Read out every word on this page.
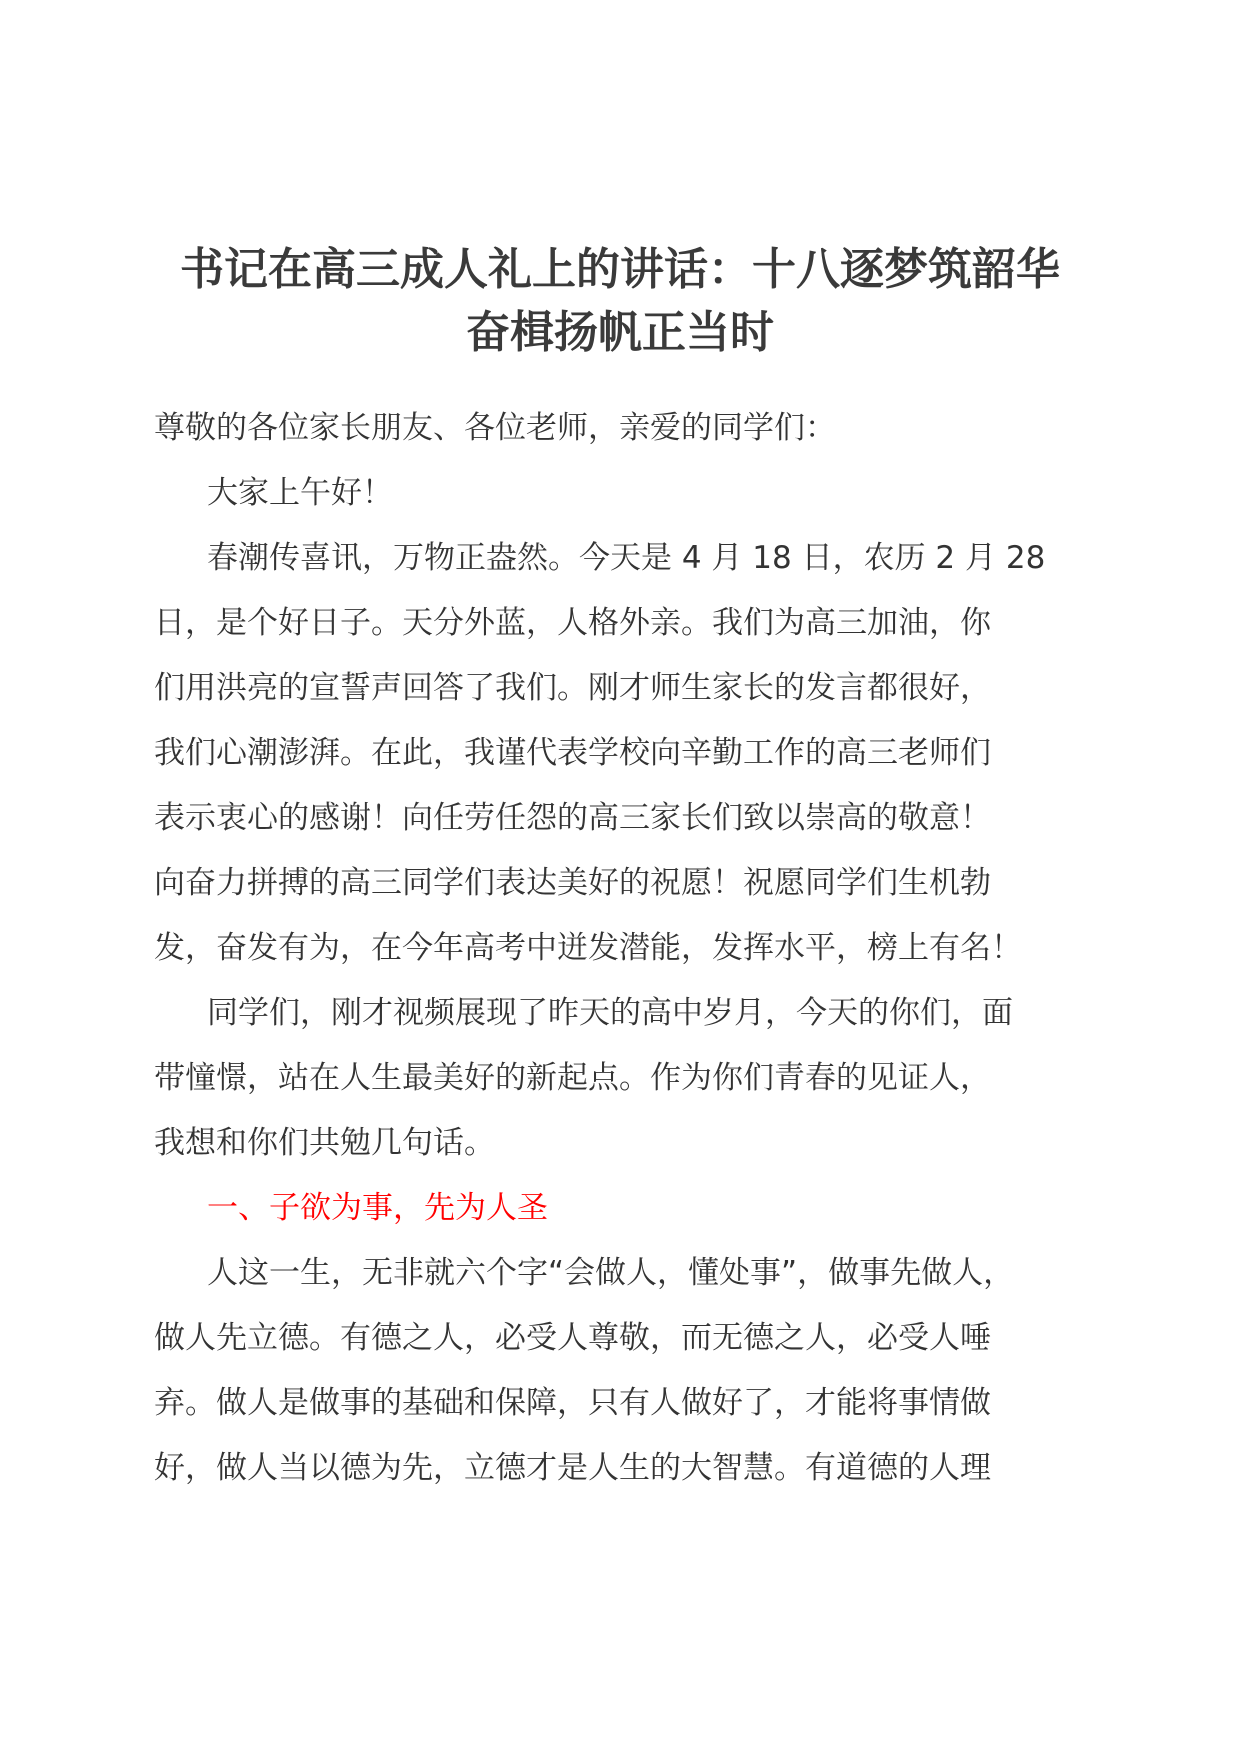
书记在高三成人礼上的讲话：十八逐梦筑韶华
奋楫扬帆正当时
尊敬的各位家长朋友、各位老师，亲爱的同学们：
大家上午好！
春潮传喜讯，万物正盎然。今天是 4 月 18 日，农历 2 月 28
日，是个好日子。天分外蓝，人格外亲。我们为高三加油，你
们用洪亮的宣誓声回答了我们。刚才师生家长的发言都很好，
我们心潮澎湃。在此，我谨代表学校向辛勤工作的高三老师们
表示衷心的感谢！向任劳任怨的高三家长们致以崇高的敬意！
向奋力拼搏的高三同学们表达美好的祝愿！祝愿同学们生机勃
发，奋发有为，在今年高考中迸发潜能，发挥水平，榜上有名！
同学们，刚才视频展现了昨天的高中岁月，今天的你们，面
带憧憬，站在人生最美好的新起点。作为你们青春的见证人，
我想和你们共勉几句话。
一、子欲为事，先为人圣
人这一生，无非就六个字“会做人，懂处事”，做事先做人，
做人先立德。有德之人，必受人尊敬，而无德之人，必受人唾
弃。做人是做事的基础和保障，只有人做好了，才能将事情做
好，做人当以德为先，立德才是人生的大智慧。有道德的人理
